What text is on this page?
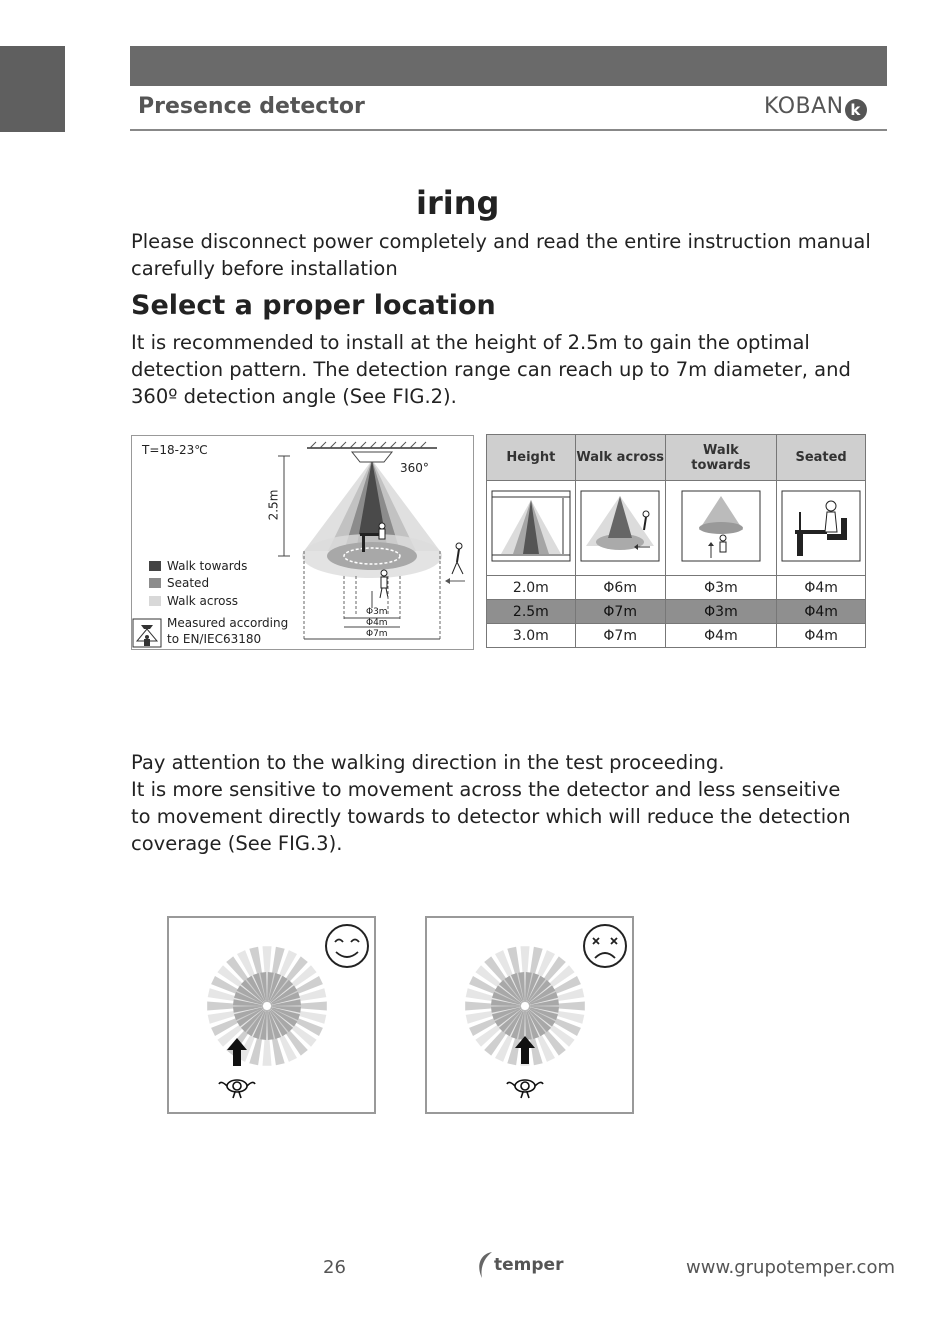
Presence detector	KOBAN k
iring
Please disconnect power completely and read the entire instruction manual
carefully before installation
Select a proper location
It is recommended to install at the height of 2.5m to gain the optimal
detection pattern. The detection range can reach up to 7m diameter, and
360º detection angle (See FIG.2).
T=18-23℃
360°
2.5m
Walk towards
Seated
Walk across
Measured according
to EN/IEC63180
Φ3m
Φ4m
Φ7m
Height	Walk across	Walk towards	Seated

2.0m	Φ6m	Φ3m	Φ4m
2.5m	Φ7m	Φ3m	Φ4m
3.0m	Φ7m	Φ4m	Φ4m
Pay attention to the walking direction in the test proceeding.
It is more sensitive to movement across the detector and less senseitive
to movement directly towards to detector which will reduce the detection
coverage (See FIG.3).
26	temper	www.grupotemper.com
